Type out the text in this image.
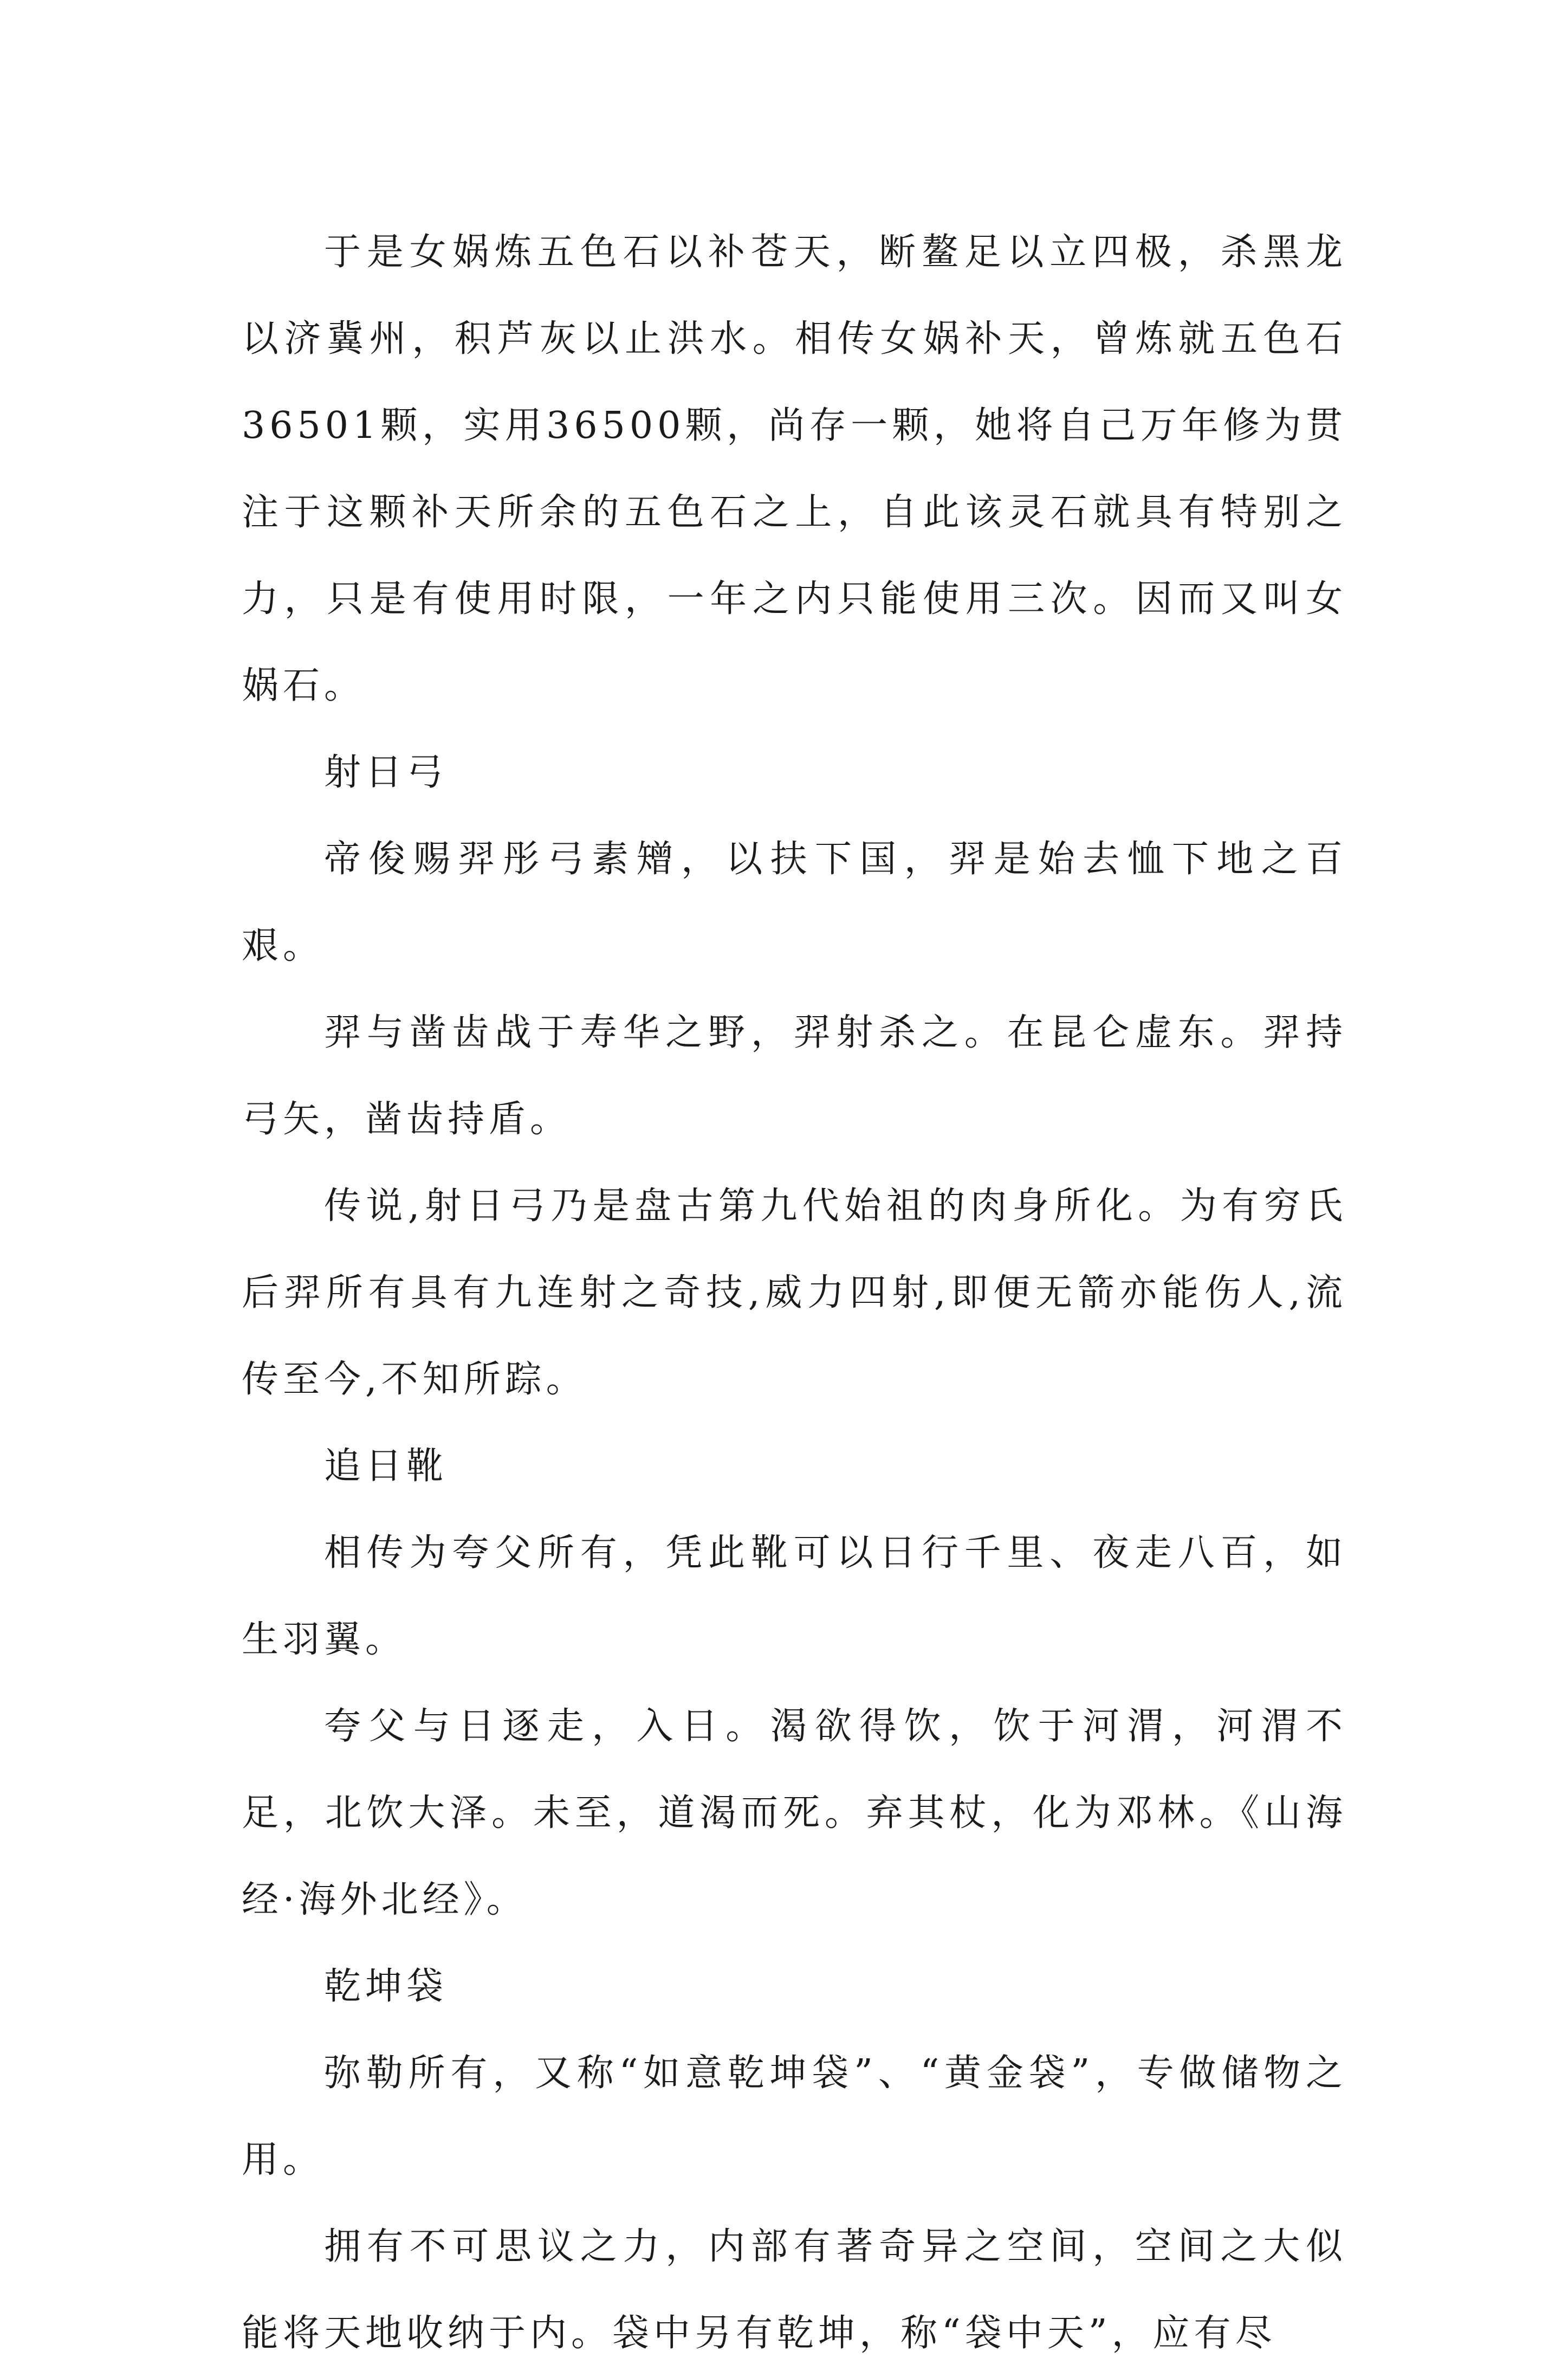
于是女娲炼五色石以补苍天，断鳌足以立四极，杀黑龙以济冀州，积芦灰以止洪水。相传女娲补天，曾炼就五色石36501颗，实用36500颗，尚存一颗，她将自己万年修为贯注于这颗补天所余的五色石之上，自此该灵石就具有特别之力，只是有使用时限，一年之内只能使用三次。因而又叫女娲石。

射日弓

帝俊赐羿彤弓素矰，以扶下国，羿是始去恤下地之百艰。

羿与凿齿战于寿华之野，羿射杀之。在昆仑虚东。羿持弓矢，凿齿持盾。

传说,射日弓乃是盘古第九代始祖的肉身所化。为有穷氏后羿所有具有九连射之奇技,威力四射,即便无箭亦能伤人,流传至今,不知所踪。

追日靴

相传为夸父所有，凭此靴可以日行千里、夜走八百，如生羽翼。

夸父与日逐走，入日。渴欲得饮，饮于河渭，河渭不足，北饮大泽。未至，道渴而死。弃其杖，化为邓林。《山海经·海外北经》。

乾坤袋

弥勒所有，又称“如意乾坤袋”、“黄金袋”，专做储物之用。

拥有不可思议之力，内部有著奇异之空间，空间之大似能将天地收纳于内。袋中另有乾坤，称“袋中天”，应有尽
